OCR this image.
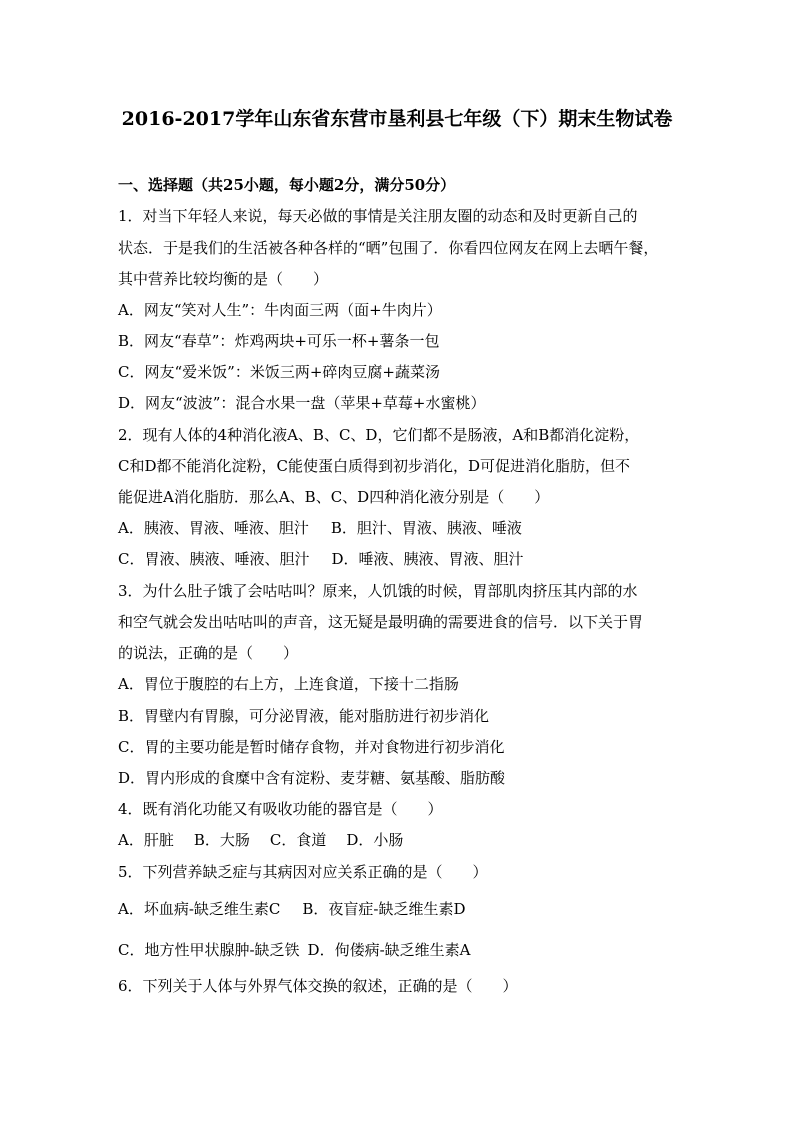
2016-2017学年山东省东营市垦利县七年级（下）期末生物试卷
一、选择题（共25小题，每小题2分，满分50分）
1．对当下年轻人来说，每天必做的事情是关注朋友圈的动态和及时更新自己的
状态．于是我们的生活被各种各样的“晒”包围了．你看四位网友在网上去晒午餐，
其中营养比较均衡的是（　　）
A．网友“笑对人生”：牛肉面三两（面+牛肉片）
B．网友“春草”：炸鸡两块+可乐一杯+薯条一包
C．网友“爱米饭”：米饭三两+碎肉豆腐+蔬菜汤
D．网友“波波”：混合水果一盘（苹果+草莓+水蜜桃）
2．现有人体的4种消化液A、B、C、D，它们都不是肠液，A和B都消化淀粉，
C和D都不能消化淀粉，C能使蛋白质得到初步消化，D可促进消化脂肪，但不
能促进A消化脂肪．那么A、B、C、D四种消化液分别是（　　）
A．胰液、胃液、唾液、胆汁 B．胆汁、胃液、胰液、唾液
C．胃液、胰液、唾液、胆汁 D．唾液、胰液、胃液、胆汁
3．为什么肚子饿了会咕咕叫？原来，人饥饿的时候，胃部肌肉挤压其内部的水
和空气就会发出咕咕叫的声音，这无疑是最明确的需要进食的信号．以下关于胃
的说法，正确的是（　　）
A．胃位于腹腔的右上方，上连食道，下接十二指肠
B．胃壁内有胃腺，可分泌胃液，能对脂肪进行初步消化
C．胃的主要功能是暂时储存食物，并对食物进行初步消化
D．胃内形成的食糜中含有淀粉、麦芽糖、氨基酸、脂肪酸
4．既有消化功能又有吸收功能的器官是（　　）
A．肝脏 B．大肠 C．食道 D．小肠
5．下列营养缺乏症与其病因对应关系正确的是（　　）
A．坏血病-缺乏维生素C B．夜盲症-缺乏维生素D
C．地方性甲状腺肿-缺乏铁 D．佝偻病-缺乏维生素A
6．下列关于人体与外界气体交换的叙述，正确的是（　　）
